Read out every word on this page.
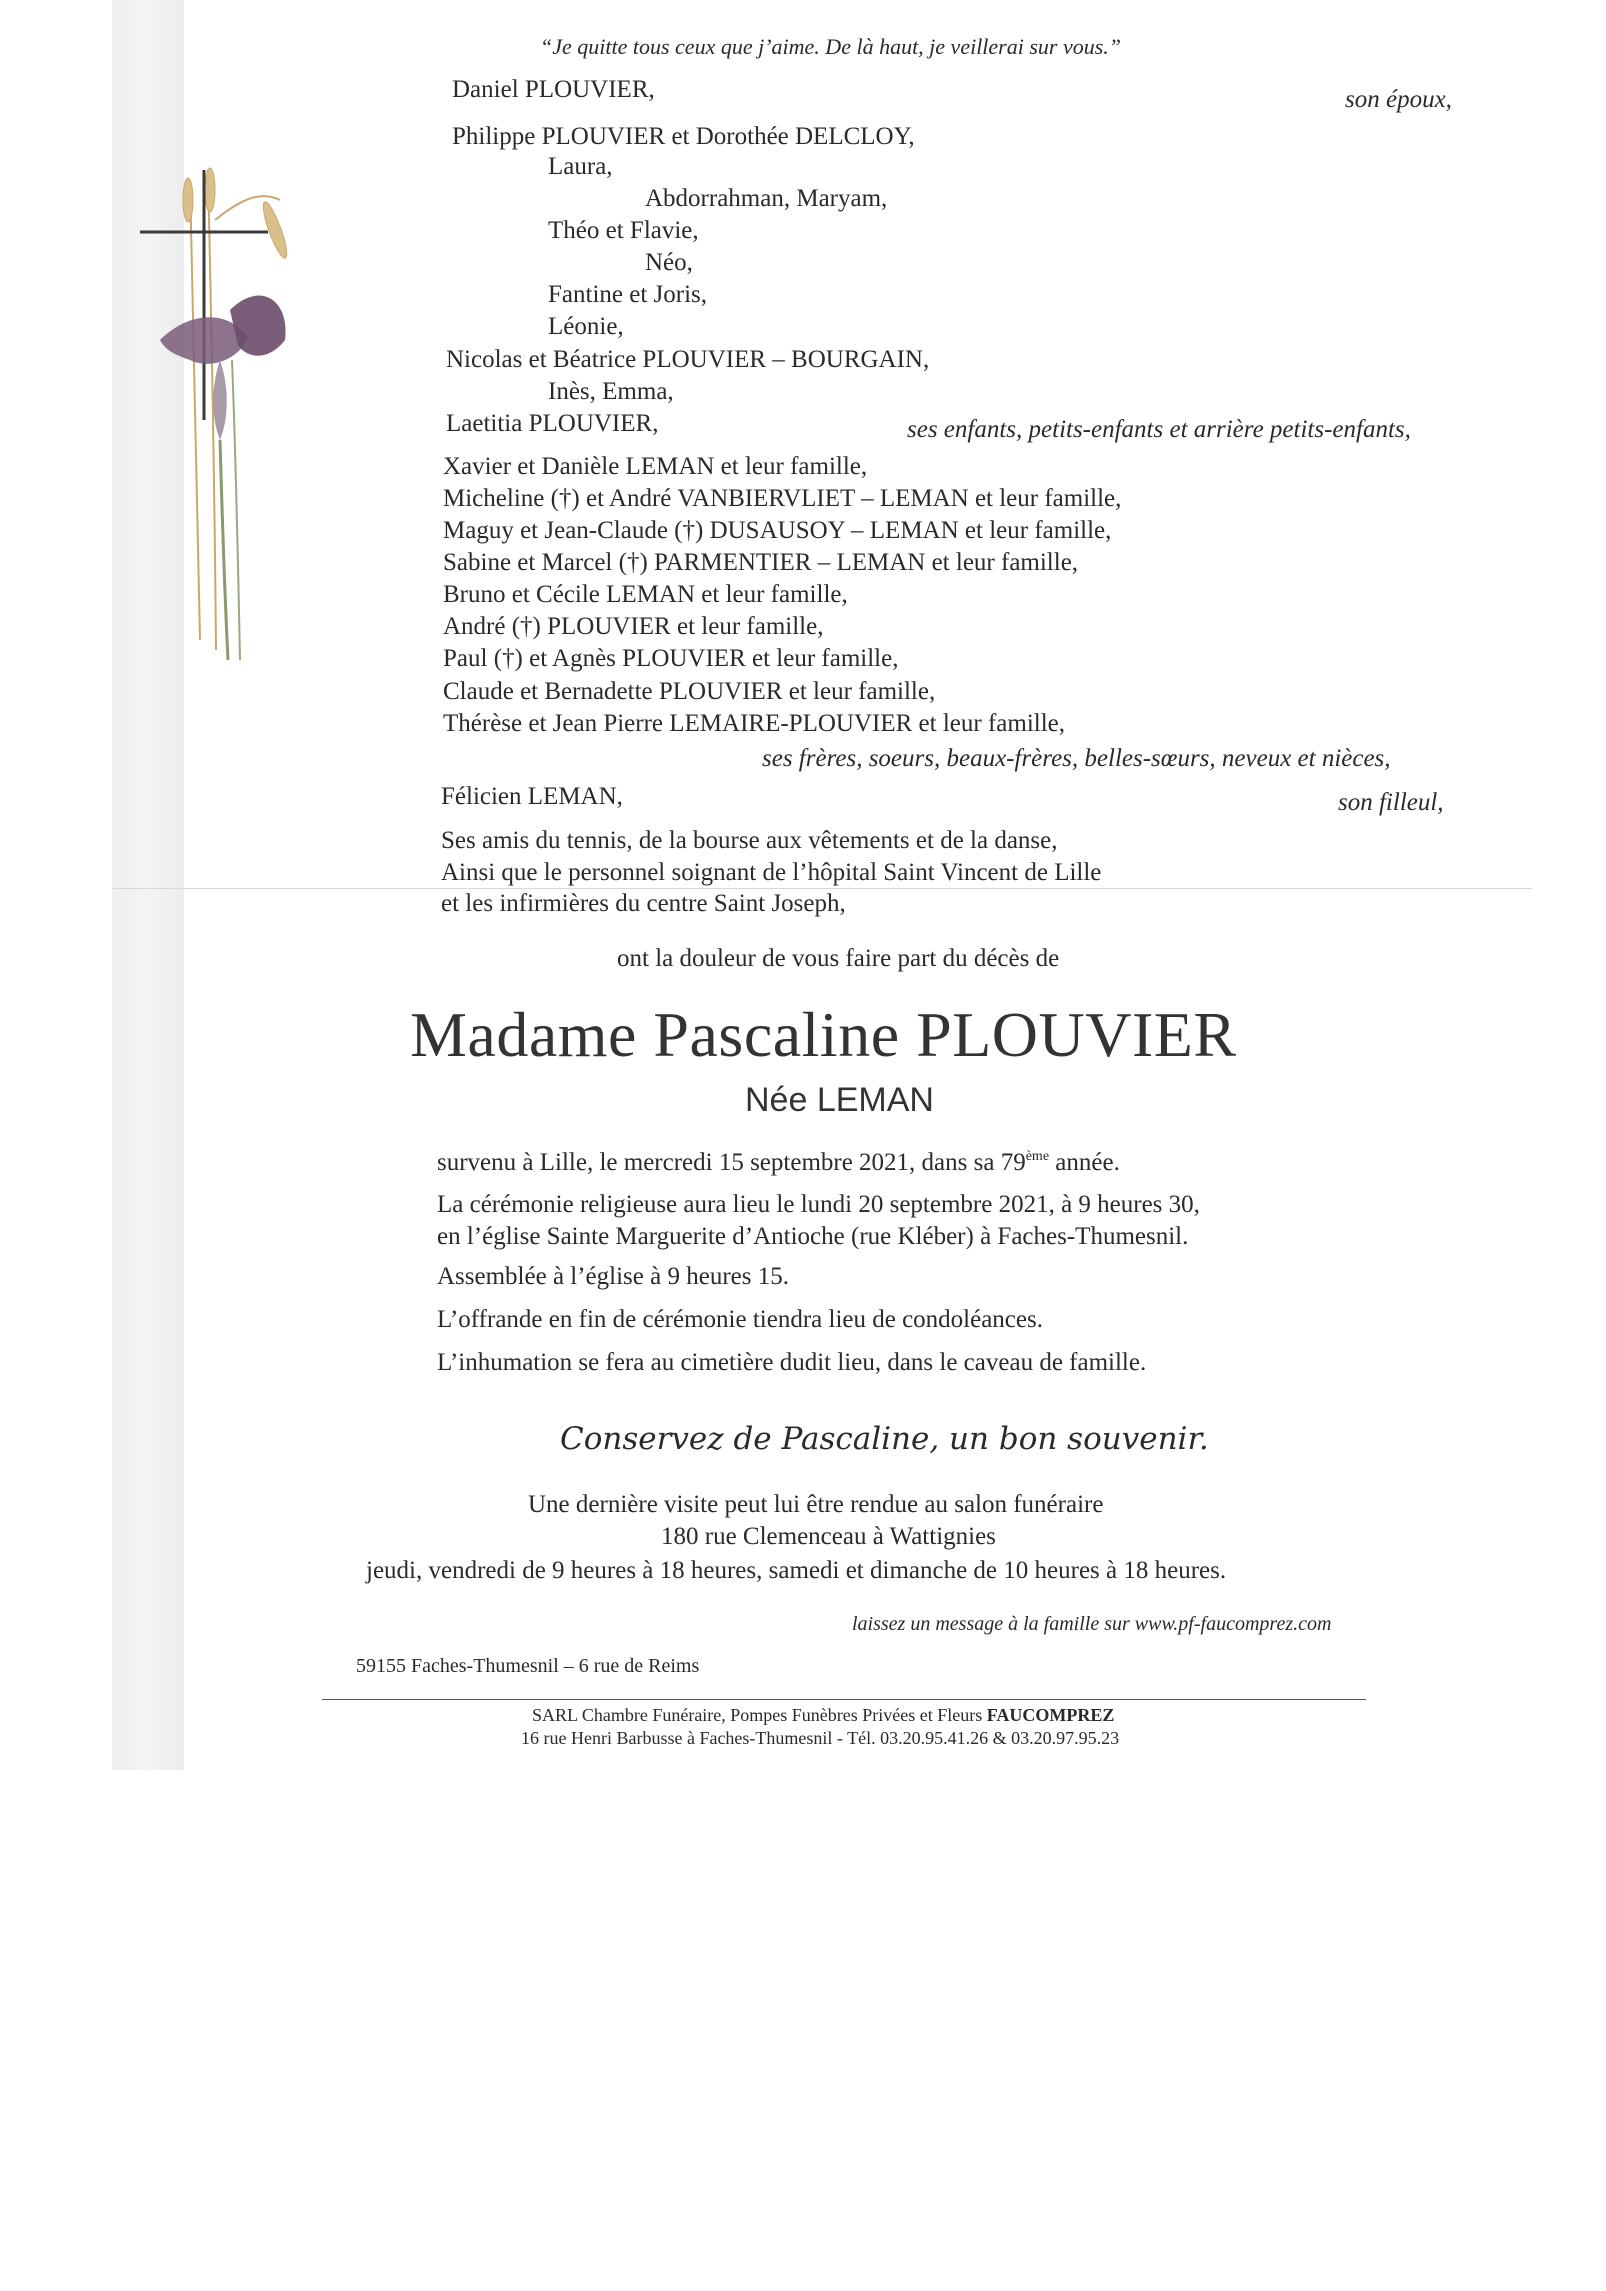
“Je quitte tous ceux que j’aime. De là haut, je veillerai sur vous.”
Daniel PLOUVIER,	son époux,
Philippe PLOUVIER et Dorothée DELCLOY,
Laura,
Abdorrahman, Maryam,
Théo et Flavie,
Néo,
Fantine et Joris,
Léonie,
Nicolas et Béatrice PLOUVIER – BOURGAIN,
Inès, Emma,
Laetitia PLOUVIER,	ses enfants, petits-enfants et arrière petits-enfants,
Xavier et Danièle LEMAN et leur famille,
Micheline (†) et André VANBIERVLIET – LEMAN et leur famille,
Maguy et Jean-Claude (†) DUSAUSOY – LEMAN et leur famille,
Sabine et Marcel (†) PARMENTIER – LEMAN et leur famille,
Bruno et Cécile LEMAN et leur famille,
André (†) PLOUVIER et leur famille,
Paul (†) et Agnès PLOUVIER et leur famille,
Claude et Bernadette PLOUVIER et leur famille,
Thérèse et Jean Pierre LEMAIRE-PLOUVIER et leur famille,
ses frères, soeurs, beaux-frères, belles-sœurs, neveux et nièces,
Félicien LEMAN,	son filleul,
Ses amis du tennis, de la bourse aux vêtements et de la danse,
Ainsi que le personnel soignant de l’hôpital Saint Vincent de Lille
et les infirmières du centre Saint Joseph,
ont la douleur de vous faire part du décès de
Madame Pascaline PLOUVIER
Née LEMAN
survenu à Lille, le mercredi 15 septembre 2021, dans sa 79ème année.
La cérémonie religieuse aura lieu le lundi 20 septembre 2021, à 9 heures 30,
en l’église Sainte Marguerite d’Antioche (rue Kléber) à Faches-Thumesnil.
Assemblée à l’église à 9 heures 15.
L’offrande en fin de cérémonie tiendra lieu de condoléances.
L’inhumation se fera au cimetière dudit lieu, dans le caveau de famille.
Conservez de Pascaline, un bon souvenir.
Une dernière visite peut lui être rendue au salon funéraire
180 rue Clemenceau à Wattignies
jeudi, vendredi de 9 heures à 18 heures, samedi et dimanche de 10 heures à 18 heures.
laissez un message à la famille sur www.pf-faucomprez.com
59155 Faches-Thumesnil – 6 rue de Reims
SARL Chambre Funéraire, Pompes Funèbres Privées et Fleurs FAUCOMPREZ
16 rue Henri Barbusse à Faches-Thumesnil - Tél. 03.20.95.41.26 & 03.20.97.95.23
